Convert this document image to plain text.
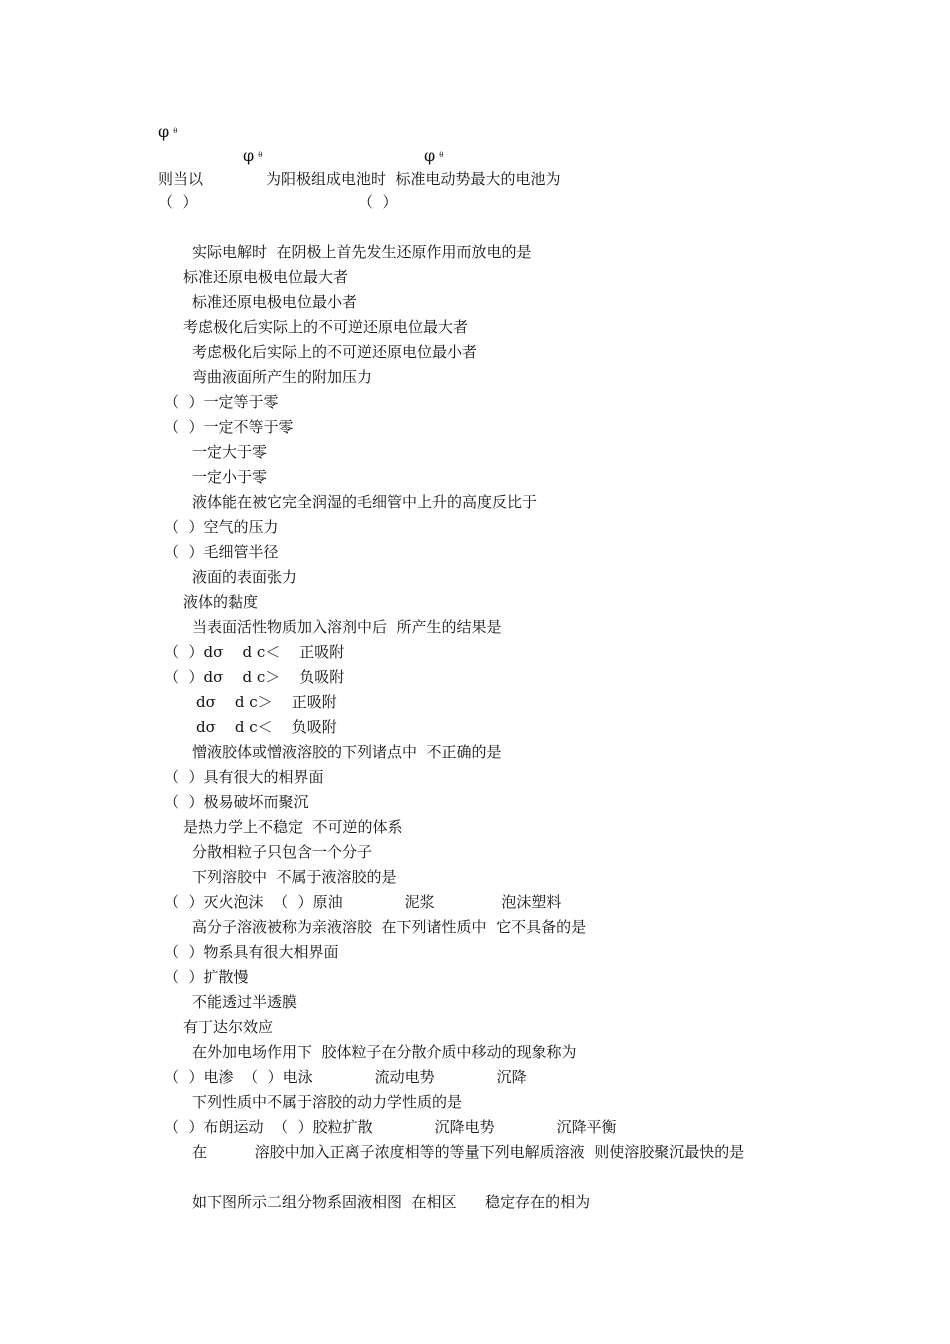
φ $^\theta$
φ $^\theta$	φ $^\theta$
则当以	为阳极组成电池时  标准电动势最大的电池为
（  ）	（  ）
实际电解时  在阴极上首先发生还原作用而放电的是
标准还原电极电位最大者
标准还原电极电位最小者
考虑极化后实际上的不可逆还原电位最大者
考虑极化后实际上的不可逆还原电位最小者
弯曲液面所产生的附加压力
（  ）一定等于零
（  ）一定不等于零
一定大于零
一定小于零
液体能在被它完全润湿的毛细管中上升的高度反比于
（  ）空气的压力
（  ）毛细管半径
液面的表面张力
液体的黏度
当表面活性物质加入溶剂中后  所产生的结果是
（  ）dσ    d c＜    正吸附
（  ）dσ    d c＞    负吸附
dσ    d c＞    正吸附
dσ    d c＜    负吸附
憎液胶体或憎液溶胶的下列诸点中  不正确的是
（  ）具有很大的相界面
（  ）极易破坏而聚沉
是热力学上不稳定  不可逆的体系
分散相粒子只包含一个分子
下列溶胶中  不属于液溶胶的是
（  ）灭火泡沫  （  ）原油             泥浆              泡沫塑料
高分子溶液被称为亲液溶胶  在下列诸性质中  它不具备的是
（  ）物系具有很大相界面
（  ）扩散慢
不能透过半透膜
有丁达尔效应
在外加电场作用下  胶体粒子在分散介质中移动的现象称为
（  ）电渗  （  ）电泳             流动电势             沉降
下列性质中不属于溶胶的动力学性质的是
（  ）布朗运动  （  ）胶粒扩散             沉降电势             沉降平衡
在          溶胶中加入正离子浓度相等的等量下列电解质溶液  则使溶胶聚沉最快的是
如下图所示二组分物系固液相图  在相区      稳定存在的相为
